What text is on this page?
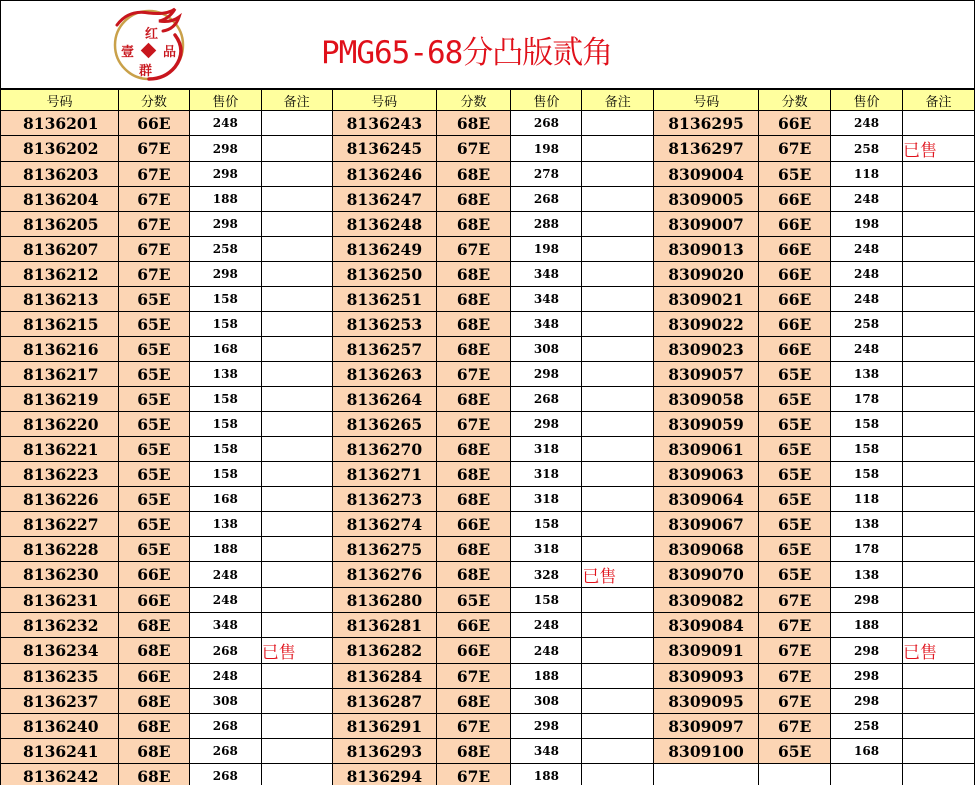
红
壹 品
群
PMG65-68分凸版贰角
号码	分数	售价	备注	号码	分数	售价	备注	号码	分数	售价	备注
8136201	66E	248		8136243	68E	268		8136295	66E	248	
8136202	67E	298		8136245	67E	198		8136297	67E	258	已售
8136203	67E	298		8136246	68E	278		8309004	65E	118	
8136204	67E	188		8136247	68E	268		8309005	66E	248	
8136205	67E	298		8136248	68E	288		8309007	66E	198	
8136207	67E	258		8136249	67E	198		8309013	66E	248	
8136212	67E	298		8136250	68E	348		8309020	66E	248	
8136213	65E	158		8136251	68E	348		8309021	66E	248	
8136215	65E	158		8136253	68E	348		8309022	66E	258	
8136216	65E	168		8136257	68E	308		8309023	66E	248	
8136217	65E	138		8136263	67E	298		8309057	65E	138	
8136219	65E	158		8136264	68E	268		8309058	65E	178	
8136220	65E	158		8136265	67E	298		8309059	65E	158	
8136221	65E	158		8136270	68E	318		8309061	65E	158	
8136223	65E	158		8136271	68E	318		8309063	65E	158	
8136226	65E	168		8136273	68E	318		8309064	65E	118	
8136227	65E	138		8136274	66E	158		8309067	65E	138	
8136228	65E	188		8136275	68E	318		8309068	65E	178	
8136230	66E	248		8136276	68E	328	已售	8309070	65E	138	
8136231	66E	248		8136280	65E	158		8309082	67E	298	
8136232	68E	348		8136281	66E	248		8309084	67E	188	
8136234	68E	268	已售	8136282	66E	248		8309091	67E	298	已售
8136235	66E	248		8136284	67E	188		8309093	67E	298	
8136237	68E	308		8136287	68E	308		8309095	67E	298	
8136240	68E	268		8136291	67E	298		8309097	67E	258	
8136241	68E	268		8136293	68E	348		8309100	65E	168	
8136242	68E	268		8136294	67E	188					
